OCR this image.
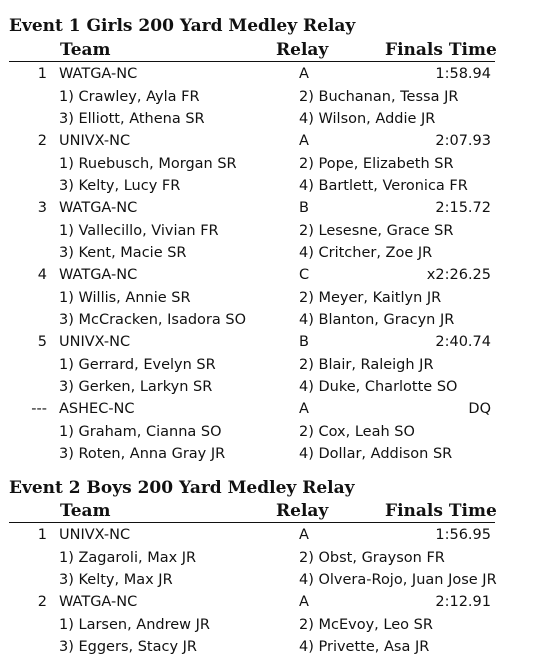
Event 1 Girls 200 Yard Medley Relay
Team	Relay	Finals Time
1 WATGA-NC	A	1:58.94
1) Crawley, Ayla FR	2) Buchanan, Tessa JR
3) Elliott, Athena SR	4) Wilson, Addie JR
2 UNIVX-NC	A	2:07.93
1) Ruebusch, Morgan SR	2) Pope, Elizabeth SR
3) Kelty, Lucy FR	4) Bartlett, Veronica FR
3 WATGA-NC	B	2:15.72
1) Vallecillo, Vivian FR	2) Lesesne, Grace SR
3) Kent, Macie SR	4) Critcher, Zoe JR
4 WATGA-NC	C	x2:26.25
1) Willis, Annie SR	2) Meyer, Kaitlyn JR
3) McCracken, Isadora SO	4) Blanton, Gracyn JR
5 UNIVX-NC	B	2:40.74
1) Gerrard, Evelyn SR	2) Blair, Raleigh JR
3) Gerken, Larkyn SR	4) Duke, Charlotte SO
--- ASHEC-NC	A	DQ
1) Graham, Cianna SO	2) Cox, Leah SO
3) Roten, Anna Gray JR	4) Dollar, Addison SR
Event 2 Boys 200 Yard Medley Relay
Team	Relay	Finals Time
1 UNIVX-NC	A	1:56.95
1) Zagaroli, Max JR	2) Obst, Grayson FR
3) Kelty, Max JR	4) Olvera-Rojo, Juan Jose JR
2 WATGA-NC	A	2:12.91
1) Larsen, Andrew JR	2) McEvoy, Leo SR
3) Eggers, Stacy JR	4) Privette, Asa JR
